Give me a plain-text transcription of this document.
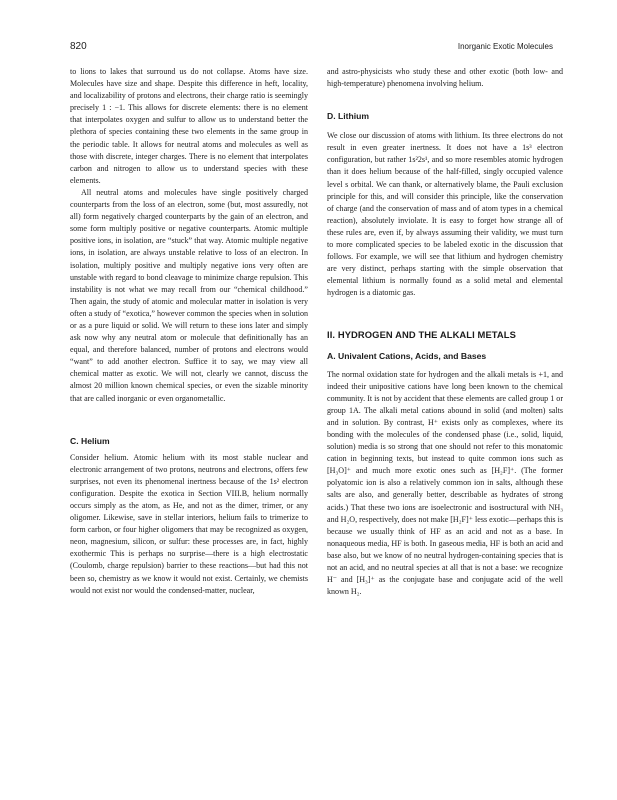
820	Inorganic Exotic Molecules

to lions to lakes that surround us do not collapse. Atoms have size. Molecules have size and shape. Despite this difference in heft, locality, and localizability of protons and electrons, their charge ratio is seemingly precisely 1 : −1. This allows for discrete elements: there is no element that interpolates oxygen and sulfur to allow us to understand better the plethora of species containing these two elements in the same group in the periodic table. It allows for neutral atoms and molecules as well as those with discrete, integer charges. There is no element that interpolates carbon and nitrogen to allow us to understand species with these elements.

All neutral atoms and molecules have single positively charged counterparts from the loss of an electron, some (but, most assuredly, not all) form negatively charged counterparts by the gain of an electron, and some form multiply positive or negative counterparts. Atomic multiple positive ions, in isolation, are “stuck” that way. Atomic multiple negative ions, in isolation, are always unstable relative to loss of an electron. In isolation, multiply positive and multiply negative ions very often are unstable with regard to bond cleavage to minimize charge repulsion. This instability is not what we may recall from our “chemical childhood.” Then again, the study of atomic and molecular matter in isolation is very often a study of “exotica,” however common the species when in solution or as a pure liquid or solid. We will return to these ions later and simply ask now why any neutral atom or molecule that definitionally has an equal, and therefore balanced, number of protons and electrons would “want” to add another electron. Suffice it to say, we may view all chemical matter as exotic. We will not, clearly we cannot, discuss the almost 20 million known chemical species, or even the sizable minority that are called inorganic or even organometallic.

C. Helium

Consider helium. Atomic helium with its most stable nuclear and electronic arrangement of two protons, neutrons and electrons, offers few surprises, not even its phenomenal inertness because of the 1s² electron configuration. Despite the exotica in Section VIII.B, helium normally occurs simply as the atom, as He, and not as the dimer, trimer, or any oligomer. Likewise, save in stellar interiors, helium fails to trimerize to form carbon, or four higher oligomers that may be recognized as oxygen, neon, magnesium, silicon, or sulfur: these processes are, in fact, highly exothermic This is perhaps no surprise—there is a high electrostatic (Coulomb, charge repulsion) barrier to these reactions—but had this not been so, chemistry as we know it would not exist. Certainly, we chemists would not exist nor would the condensed-matter, nuclear,

and astro-physicists who study these and other exotic (both low- and high-temperature) phenomena involving helium.

D. Lithium

We close our discussion of atoms with lithium. Its three electrons do not result in even greater inertness. It does not have a 1s³ electron configuration, but rather 1s²2s¹, and so more resembles atomic hydrogen than it does helium because of the half-filled, singly occupied valence level s orbital. We can thank, or alternatively blame, the Pauli exclusion principle for this, and will consider this principle, like the conservation of charge (and the conservation of mass and of atom types in a chemical reaction), absolutely inviolate. It is easy to forget how strange all of these rules are, even if, by always assuming their validity, we must turn to more complicated species to be labeled exotic in the discussion that follows. For example, we will see that lithium and hydrogen chemistry are very distinct, perhaps starting with the simple observation that elemental lithium is normally found as a solid metal and elemental hydrogen is a diatomic gas.

II. HYDROGEN AND THE ALKALI METALS
A. Univalent Cations, Acids, and Bases

The normal oxidation state for hydrogen and the alkali metals is +1, and indeed their unipositive cations have long been known to the chemical community. It is not by accident that these elements are called group 1 or group 1A. The alkali metal cations abound in solid (and molten) salts and in solution. By contrast, H⁺ exists only as complexes, where its bonding with the molecules of the condensed phase (i.e., solid, liquid, solution) media is so strong that one should not refer to this monatomic cation in beginning texts, but instead to quite common ions such as [H₃O]⁺ and much more exotic ones such as [H₂F]⁺. (The former polyatomic ion is also a relatively common ion in salts, although these salts are also, and generally better, describable as hydrates of strong acids.) That these two ions are isoelectronic and isostructural with NH₃ and H₂O, respectively, does not make [H₂F]⁺ less exotic—perhaps this is because we usually think of HF as an acid and not as a base. In nonaqueous media, HF is both. In gaseous media, HF is both an acid and base also, but we know of no neutral hydrogen-containing species that is not an acid, and no neutral species at all that is not a base: we recognize H⁻ and [H₃]⁺ as the conjugate base and conjugate acid of the well known H₂.
